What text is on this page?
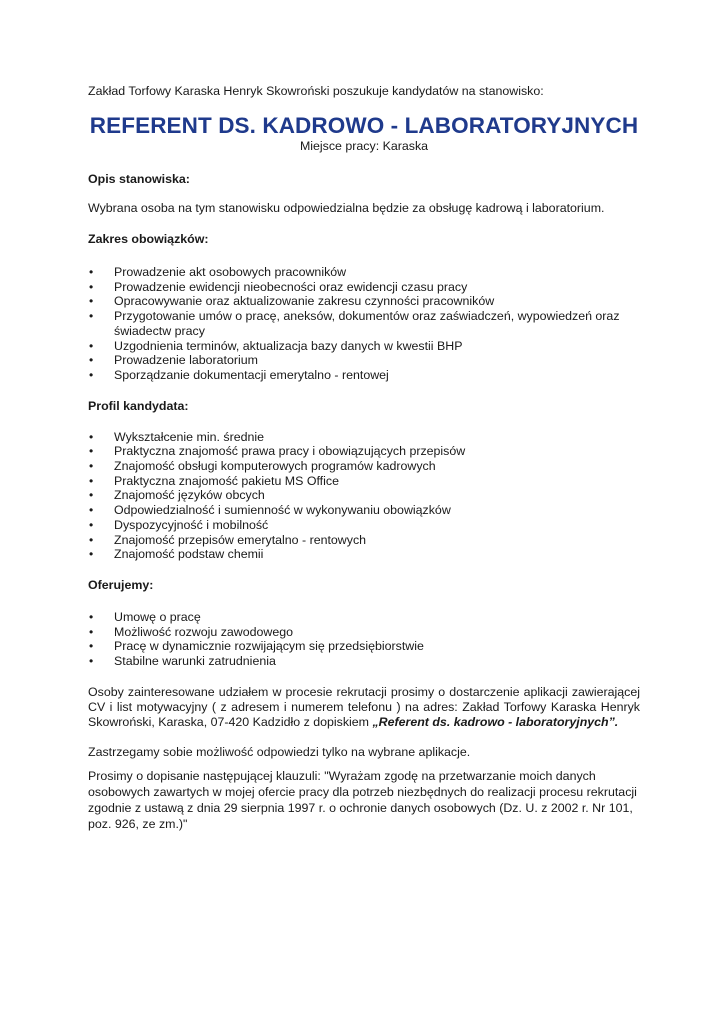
Zakład Torfowy Karaska Henryk Skowroński poszukuje kandydatów na stanowisko:

REFERENT DS. KADROWO - LABORATORYJNYCH

Miejsce pracy: Karaska

Opis stanowiska:

Wybrana osoba na tym stanowisku odpowiedzialna będzie za obsługę kadrową i laboratorium.

Zakres obowiązków:
• Prowadzenie akt osobowych pracowników
• Prowadzenie ewidencji nieobecności oraz ewidencji czasu pracy
• Opracowywanie oraz aktualizowanie zakresu czynności pracowników
• Przygotowanie umów o pracę, aneksów, dokumentów oraz zaświadczeń, wypowiedzeń oraz świadectw pracy
• Uzgodnienia terminów, aktualizacja bazy danych w kwestii BHP
• Prowadzenie laboratorium
• Sporządzanie dokumentacji emerytalno - rentowej
Profil kandydata:
• Wykształcenie min. średnie
• Praktyczna znajomość prawa pracy i obowiązujących przepisów
• Znajomość obsługi komputerowych programów kadrowych
• Praktyczna znajomość pakietu MS Office
• Znajomość języków obcych
• Odpowiedzialność i sumienność w wykonywaniu obowiązków
• Dyspozycyjność i mobilność
• Znajomość przepisów emerytalno - rentowych
• Znajomość podstaw chemii
Oferujemy:
• Umowę o pracę
• Możliwość rozwoju zawodowego
• Pracę w dynamicznie rozwijającym się przedsiębiorstwie
• Stabilne warunki zatrudnienia

Osoby zainteresowane udziałem w procesie rekrutacji prosimy o dostarczenie aplikacji zawierającej CV i list motywacyjny ( z adresem i numerem telefonu ) na adres: Zakład Torfowy Karaska Henryk Skowroński, Karaska, 07-420 Kadzidło z dopiskiem „Referent ds. kadrowo - laboratoryjnych”.

Zastrzegamy sobie możliwość odpowiedzi tylko na wybrane aplikacje.

Prosimy o dopisanie następującej klauzuli: "Wyrażam zgodę na przetwarzanie moich danych osobowych zawartych w mojej ofercie pracy dla potrzeb niezbędnych do realizacji procesu rekrutacji zgodnie z ustawą z dnia 29 sierpnia 1997 r. o ochronie danych osobowych (Dz. U. z 2002 r. Nr 101, poz. 926, ze zm.)"
